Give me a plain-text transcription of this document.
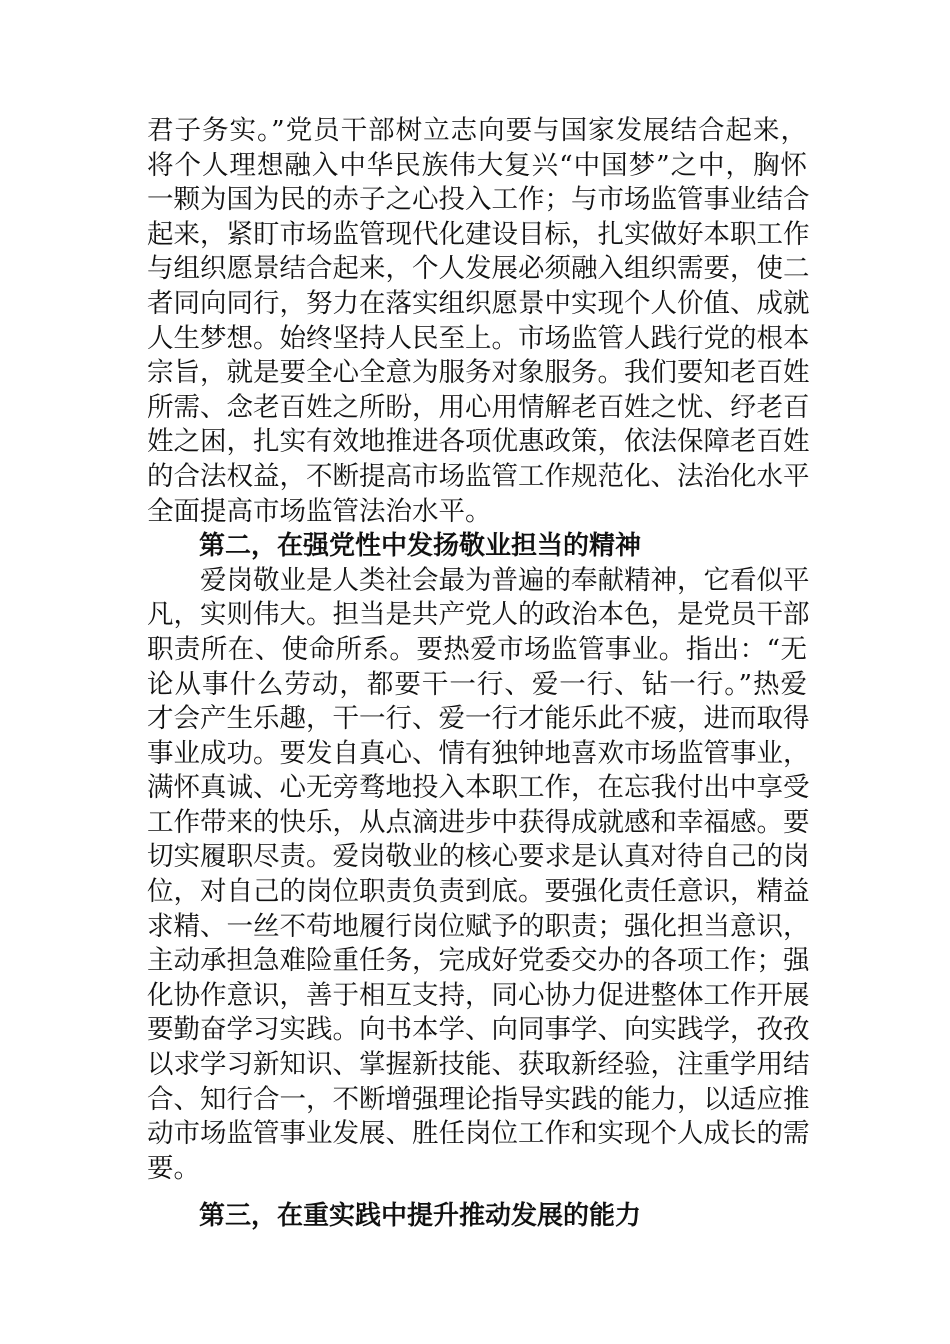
君子务实。”党员干部树立志向要与国家发展结合起来，
将个人理想融入中华民族伟大复兴“中国梦”之中，胸怀
一颗为国为民的赤子之心投入工作；与市场监管事业结合
起来，紧盯市场监管现代化建设目标，扎实做好本职工作
与组织愿景结合起来，个人发展必须融入组织需要，使二
者同向同行，努力在落实组织愿景中实现个人价值、成就
人生梦想。始终坚持人民至上。市场监管人践行党的根本
宗旨，就是要全心全意为服务对象服务。我们要知老百姓
所需、念老百姓之所盼，用心用情解老百姓之忧、纾老百
姓之困，扎实有效地推进各项优惠政策，依法保障老百姓
的合法权益，不断提高市场监管工作规范化、法治化水平
全面提高市场监管法治水平。
第二，在强党性中发扬敬业担当的精神
　　爱岗敬业是人类社会最为普遍的奉献精神，它看似平
凡，实则伟大。担当是共产党人的政治本色，是党员干部
职责所在、使命所系。要热爱市场监管事业。指出：“无
论从事什么劳动，都要干一行、爱一行、钻一行。”热爱
才会产生乐趣，干一行、爱一行才能乐此不疲，进而取得
事业成功。要发自真心、情有独钟地喜欢市场监管事业，
满怀真诚、心无旁骛地投入本职工作，在忘我付出中享受
工作带来的快乐，从点滴进步中获得成就感和幸福感。要
切实履职尽责。爱岗敬业的核心要求是认真对待自己的岗
位，对自己的岗位职责负责到底。要强化责任意识，精益
求精、一丝不苟地履行岗位赋予的职责；强化担当意识，
主动承担急难险重任务，完成好党委交办的各项工作；强
化协作意识，善于相互支持，同心协力促进整体工作开展
要勤奋学习实践。向书本学、向同事学、向实践学，孜孜
以求学习新知识、掌握新技能、获取新经验，注重学用结
合、知行合一，不断增强理论指导实践的能力，以适应推
动市场监管事业发展、胜任岗位工作和实现个人成长的需
要。
第三，在重实践中提升推动发展的能力
